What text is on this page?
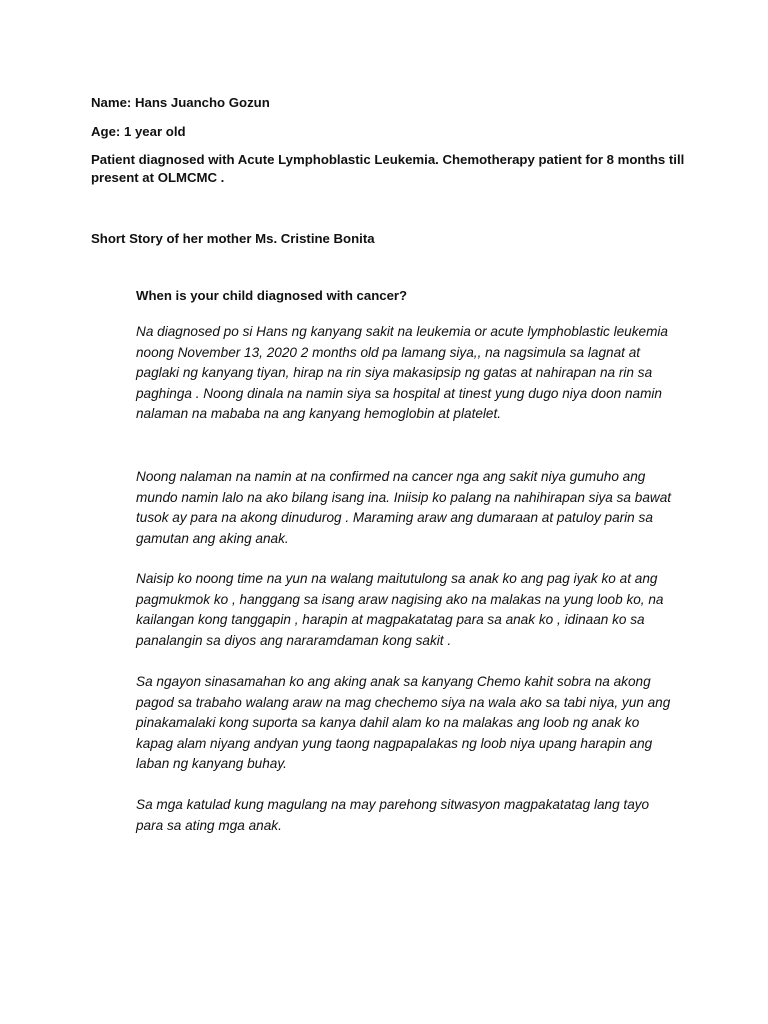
Name: Hans Juancho Gozun
Age: 1 year old
Patient diagnosed with Acute Lymphoblastic Leukemia. Chemotherapy patient for 8 months till present at OLMCMC .
Short Story of her mother Ms. Cristine Bonita
When is your child diagnosed with cancer?

Na diagnosed po si Hans ng kanyang sakit na leukemia or acute lymphoblastic leukemia noong November 13, 2020 2 months old pa lamang siya,, na nagsimula sa lagnat at paglaki ng kanyang tiyan, hirap na rin siya makasipsip ng gatas at nahirapan na rin sa paghinga . Noong dinala na namin siya sa hospital at tinest yung dugo niya doon namin nalaman na mababa na ang kanyang hemoglobin at platelet.

Noong nalaman na namin at na confirmed na cancer nga ang sakit niya gumuho ang mundo namin lalo na ako bilang isang ina. Iniisip ko palang na nahihirapan siya sa bawat tusok ay para na akong dinudurog . Maraming araw ang dumaraan at patuloy parin sa gamutan ang aking anak.

Naisip ko noong time na yun na walang maitutulong sa anak ko ang pag iyak ko at ang pagmukmok ko , hanggang sa isang araw nagising ako na malakas na yung loob ko, na kailangan kong tanggapin , harapin at magpakatatag para sa anak ko , idinaan ko sa panalangin sa diyos ang nararamdaman kong sakit .

Sa ngayon sinasamahan ko ang aking anak sa kanyang Chemo kahit sobra na akong pagod sa trabaho walang araw na mag chechemo siya na wala ako sa tabi niya, yun ang pinakamalaki kong suporta sa kanya dahil alam ko na malakas ang loob ng anak ko kapag alam niyang andyan yung taong nagpapalakas ng loob niya upang harapin ang laban ng kanyang buhay.

Sa mga katulad kung magulang na may parehong sitwasyon magpakatatag lang tayo para sa ating mga anak.
